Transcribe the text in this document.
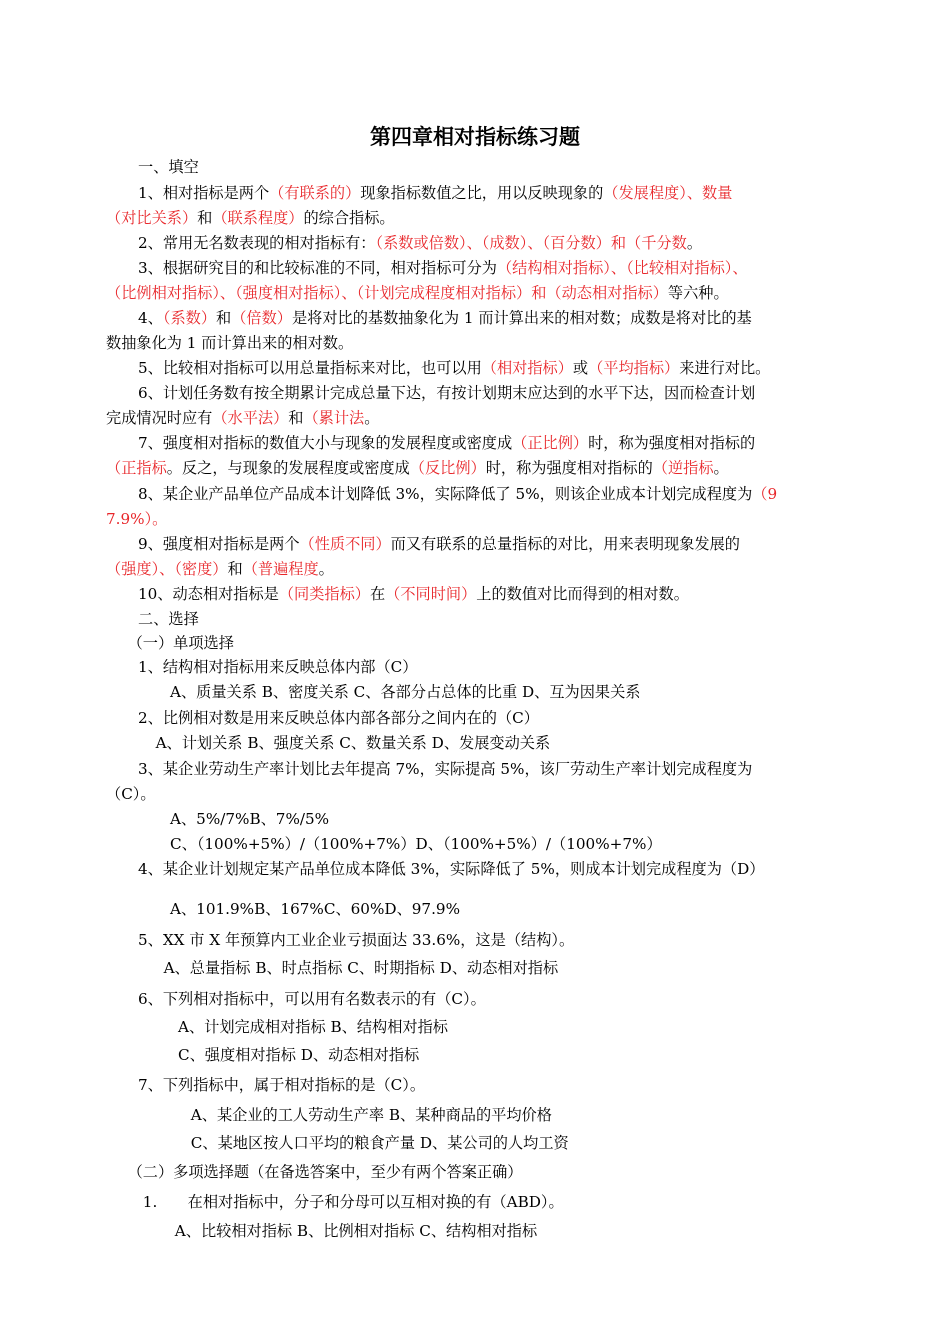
第四章相对指标练习题
一、填空
1、相对指标是两个（有联系的）现象指标数值之比，用以反映现象的（发展程度）、数量
（对比关系）和（联系程度）的综合指标。
2、常用无名数表现的相对指标有：（系数或倍数）、（成数）、（百分数）和（千分数。
3、根据研究目的和比较标准的不同，相对指标可分为（结构相对指标）、（比较相对指标）、
（比例相对指标）、（强度相对指标）、（计划完成程度相对指标）和（动态相对指标）等六种。
4、（系数）和（倍数）是将对比的基数抽象化为 1 而计算出来的相对数；成数是将对比的基
数抽象化为 1 而计算出来的相对数。
5、比较相对指标可以用总量指标来对比，也可以用（相对指标）或（平均指标）来进行对比。
6、计划任务数有按全期累计完成总量下达，有按计划期末应达到的水平下达，因而检查计划
完成情况时应有（水平法）和（累计法。
7、强度相对指标的数值大小与现象的发展程度或密度成（正比例）时，称为强度相对指标的
（正指标。反之，与现象的发展程度或密度成（反比例）时，称为强度相对指标的（逆指标。
8、某企业产品单位产品成本计划降低 3%，实际降低了 5%，则该企业成本计划完成程度为（9
7.9%）。
9、强度相对指标是两个（性质不同）而又有联系的总量指标的对比，用来表明现象发展的
（强度）、（密度）和（普遍程度。
10、动态相对指标是（同类指标）在（不同时间）上的数值对比而得到的相对数。
二、选择
（一）单项选择
1、结构相对指标用来反映总体内部（C）
A、质量关系 B、密度关系 C、各部分占总体的比重 D、互为因果关系
2、比例相对数是用来反映总体内部各部分之间内在的（C）
A、计划关系 B、强度关系 C、数量关系 D、发展变动关系
3、某企业劳动生产率计划比去年提高 7%，实际提高 5%，该厂劳动生产率计划完成程度为
（C）。
A、5%/7%B、7%/5%
C、（100%+5%）/（100%+7%）D、（100%+5%）/（100%+7%）
4、某企业计划规定某产品单位成本降低 3%，实际降低了 5%，则成本计划完成程度为（D）
A、101.9%B、167%C、60%D、97.9%
5、XX 市 X 年预算内工业企业亏损面达 33.6%，这是（结构）。
A、总量指标 B、时点指标 C、时期指标 D、动态相对指标
6、下列相对指标中，可以用有名数表示的有（C）。
A、计划完成相对指标 B、结构相对指标
C、强度相对指标 D、动态相对指标
7、下列指标中，属于相对指标的是（C）。
A、某企业的工人劳动生产率 B、某种商品的平均价格
C、某地区按人口平均的粮食产量 D、某公司的人均工资
（二）多项选择题（在备选答案中，至少有两个答案正确）
1.　　在相对指标中，分子和分母可以互相对换的有（ABD）。
A、比较相对指标 B、比例相对指标 C、结构相对指标
